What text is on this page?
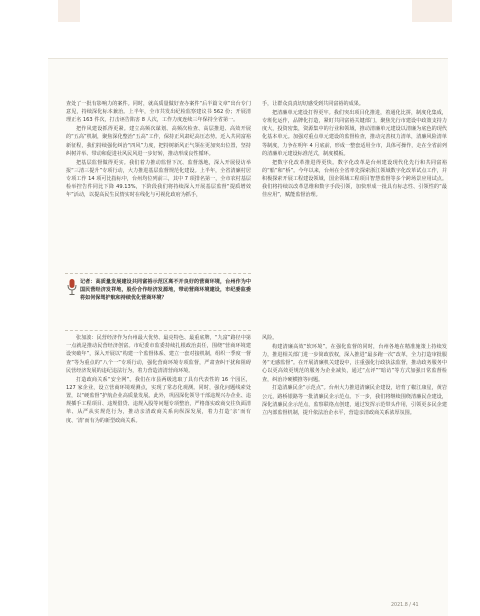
查处了一批有影响力的案件。同时，就高质量做好查办案件“后半篇文章”出台专门意见，持续深化标本兼治。上半年，全市共发出纪检监察建议书 562 份；开展清理正名 163 件次，打击诬告陷害 8 人次，工作力度连续三年保持全省第一。

把作风建设抓得更紧。建立高频次谋划、高频次检查、高层推进、高效开展的“五高”机制，聚焦深化整治“五高”工作，保持正风肃纪高压态势。近入共同富裕新征程，我们持续强化纠治“四风”力度，把持树新风正气领在更加突出位置，坚持纠树并举、带动和促进社风民风进一步好转，推动形成良性循环。

把基层监督做得更实。我们着力推动监督下沉、监督落地，深入开展侵访举报“三清三提升”专项行动，大力推进基层监督规范化建设。上半年，全省清廉村居专项工作 14 项可比指标中，台州均位列前三，其中 7 项排名第一，全市农村基层检举控告件同比下降 49.13%，下阶段我们将持续深入开展基层监督“提质增效年”活动，以提高民生民情实时在线化与可视化政府为抓手，

手，让群众真真切切感受到共同富裕的成果。

把清廉单元建设打得更牢。我们突出项目化推进，着通化比拼，制度化集成，专班化运作，品牌化打造，紧盯共同富裕关键部门，聚焦先行市建设中政策支持力度大，投资密集，资源集中的行业和领域，推动清廉单元建设以清廉为底色的现代化基本单元。加强对重点单元建设的监督检查，推动完善权力清单，清廉风险清单等制度，力争在明年 4 月底前，形成一整套适用全市，具体可操作，走在全省前列的清廉单元建设标准范式，制度模板。

把数字化改革推进得更快。数字化改革是台州建设现代化先行和共同富裕的“船”和“桥”。今年以来，台州在全省率先探索浙江领域数字化改革试点工作，并积极探索开展工程建设领域，国企领域工程项目智慧监督等多个跨场景应用试点。我们将持续以改革思维和数字手段引领，加快形成一批具有标志性、引领性的“最佳应用”，赋能监督治理。

记者：高质量发展建设共同富裕示范区离不开良好的营商环境，台州作为中国民营经济发祥地，股份合作经济发源地，带动营商环境建设，市纪委监委将如何保驾护航和持续优化营商环境？

张加波：民营经济作为台州最大优势、最亮特色、最重底牌，“九富”路径中第一点就是推动民营经济创富。市纪委市监委持续扎根政治责任，围绕“营商环境建设突破年”，深入开展以“构建一个监督体系、建立一套对接机制，组织一季度一督查”等为重点的“八个一”专项行动，强化营商环境专项监督，严肃查纠干扰和阻碍民营经济发展的违纪违法行为，着力营造清清营商环境。

打造政商关系“安全网”。我们在市县两级选取了具有代表性的 16 个园区，127 家企业，设立营商环境观测点，实现了常态化观测。同时，强化问题线索处置，以“硬监督”护航企业高质量发展。此外，巩固深化领导干部违规兴办企业、违规插手工程项目、违规借贷、违规入股等问题专项整治，严格落实政商交往负面清单、从严从实规范行为，推动亲清政商关系向纵深发展，着力打造‘亲’而有度、‘清’而有为的新型政商关系。

风险。

构建清廉高效“软环境”。在强化监督的同时，台州各地在精准施策上持续发力，推进相关部门进一步简政放权，深入推进“最多跑一次”改革，全力打造审批服务“无感监督”。在开展清廉机关建设中，注重强化行政执法监督，推动政务服务中心以更高效更规范的服务为企业减负，通过“点评”“暗访”等方式加强日常监督检查，纠治冷硬横推等问题。

打造清廉民企“示范点”。台州大力推进清廉民企建设，培育了椒江康星，黄岩公元，路桥银路等一批清廉民企示范点。下一步，我们将继续围绕清廉民企建设，深化清廉民企示范点，监察联络点创建，通过发挥示范带头作用，引领更多民企建立内部监督机制，提升依法治企水平，营造亲清政商关系浓厚氛围。

2021.8 / 41
